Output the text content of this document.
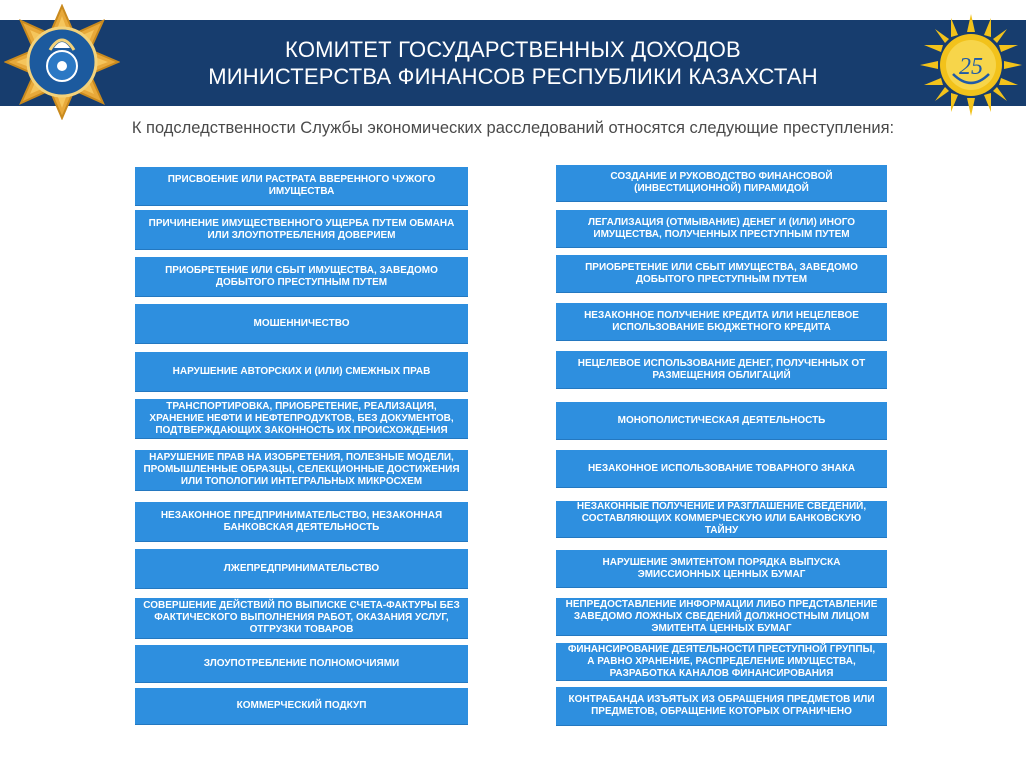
КОМИТЕТ ГОСУДАРСТВЕННЫХ ДОХОДОВ
МИНИСТЕРСТВА ФИНАНСОВ РЕСПУБЛИКИ КАЗАХСТАН	25
К подследственности Службы экономических расследований относятся следующие преступления:
ПРИСВОЕНИЕ ИЛИ РАСТРАТА ВВЕРЕННОГО ЧУЖОГО ИМУЩЕСТВА
ПРИЧИНЕНИЕ ИМУЩЕСТВЕННОГО УЩЕРБА ПУТЕМ ОБМАНА ИЛИ ЗЛОУПОТРЕБЛЕНИЯ ДОВЕРИЕМ
ПРИОБРЕТЕНИЕ ИЛИ СБЫТ ИМУЩЕСТВА, ЗАВЕДОМО ДОБЫТОГО ПРЕСТУПНЫМ ПУТЕМ
МОШЕННИЧЕСТВО
НАРУШЕНИЕ АВТОРСКИХ И (ИЛИ) СМЕЖНЫХ ПРАВ
ТРАНСПОРТИРОВКА, ПРИОБРЕТЕНИЕ, РЕАЛИЗАЦИЯ, ХРАНЕНИЕ НЕФТИ И НЕФТЕПРОДУКТОВ, БЕЗ ДОКУМЕНТОВ, ПОДТВЕРЖДАЮЩИХ ЗАКОННОСТЬ ИХ ПРОИСХОЖДЕНИЯ
НАРУШЕНИЕ ПРАВ НА ИЗОБРЕТЕНИЯ, ПОЛЕЗНЫЕ МОДЕЛИ, ПРОМЫШЛЕННЫЕ ОБРАЗЦЫ, СЕЛЕКЦИОННЫЕ ДОСТИЖЕНИЯ ИЛИ ТОПОЛОГИИ ИНТЕГРАЛЬНЫХ МИКРОСХЕМ
НЕЗАКОННОЕ ПРЕДПРИНИМАТЕЛЬСТВО, НЕЗАКОННАЯ БАНКОВСКАЯ ДЕЯТЕЛЬНОСТЬ
ЛЖЕПРЕДПРИНИМАТЕЛЬСТВО
СОВЕРШЕНИЕ ДЕЙСТВИЙ ПО ВЫПИСКЕ СЧЕТА-ФАКТУРЫ БЕЗ ФАКТИЧЕСКОГО ВЫПОЛНЕНИЯ РАБОТ, ОКАЗАНИЯ УСЛУГ, ОТГРУЗКИ ТОВАРОВ
ЗЛОУПОТРЕБЛЕНИЕ ПОЛНОМОЧИЯМИ
КОММЕРЧЕСКИЙ ПОДКУП
СОЗДАНИЕ И РУКОВОДСТВО ФИНАНСОВОЙ (ИНВЕСТИЦИОННОЙ) ПИРАМИДОЙ
ЛЕГАЛИЗАЦИЯ (ОТМЫВАНИЕ) ДЕНЕГ И (ИЛИ) ИНОГО ИМУЩЕСТВА, ПОЛУЧЕННЫХ ПРЕСТУПНЫМ ПУТЕМ
ПРИОБРЕТЕНИЕ ИЛИ СБЫТ ИМУЩЕСТВА, ЗАВЕДОМО ДОБЫТОГО ПРЕСТУПНЫМ ПУТЕМ
НЕЗАКОННОЕ ПОЛУЧЕНИЕ КРЕДИТА ИЛИ НЕЦЕЛЕВОЕ ИСПОЛЬЗОВАНИЕ БЮДЖЕТНОГО КРЕДИТА
НЕЦЕЛЕВОЕ ИСПОЛЬЗОВАНИЕ ДЕНЕГ, ПОЛУЧЕННЫХ ОТ РАЗМЕЩЕНИЯ ОБЛИГАЦИЙ
МОНОПОЛИСТИЧЕСКАЯ ДЕЯТЕЛЬНОСТЬ
НЕЗАКОННОЕ ИСПОЛЬЗОВАНИЕ ТОВАРНОГО ЗНАКА
НЕЗАКОННЫЕ ПОЛУЧЕНИЕ И РАЗГЛАШЕНИЕ СВЕДЕНИЙ, СОСТАВЛЯЮЩИХ КОММЕРЧЕСКУЮ ИЛИ БАНКОВСКУЮ ТАЙНУ
НАРУШЕНИЕ ЭМИТЕНТОМ ПОРЯДКА ВЫПУСКА ЭМИССИОННЫХ ЦЕННЫХ БУМАГ
НЕПРЕДОСТАВЛЕНИЕ ИНФОРМАЦИИ ЛИБО ПРЕДСТАВЛЕНИЕ ЗАВЕДОМО ЛОЖНЫХ СВЕДЕНИЙ ДОЛЖНОСТНЫМ ЛИЦОМ ЭМИТЕНТА ЦЕННЫХ БУМАГ
ФИНАНСИРОВАНИЕ ДЕЯТЕЛЬНОСТИ ПРЕСТУПНОЙ ГРУППЫ, А РАВНО ХРАНЕНИЕ, РАСПРЕДЕЛЕНИЕ ИМУЩЕСТВА, РАЗРАБОТКА КАНАЛОВ ФИНАНСИРОВАНИЯ
КОНТРАБАНДА ИЗЪЯТЫХ ИЗ ОБРАЩЕНИЯ ПРЕДМЕТОВ ИЛИ ПРЕДМЕТОВ, ОБРАЩЕНИЕ КОТОРЫХ ОГРАНИЧЕНО
